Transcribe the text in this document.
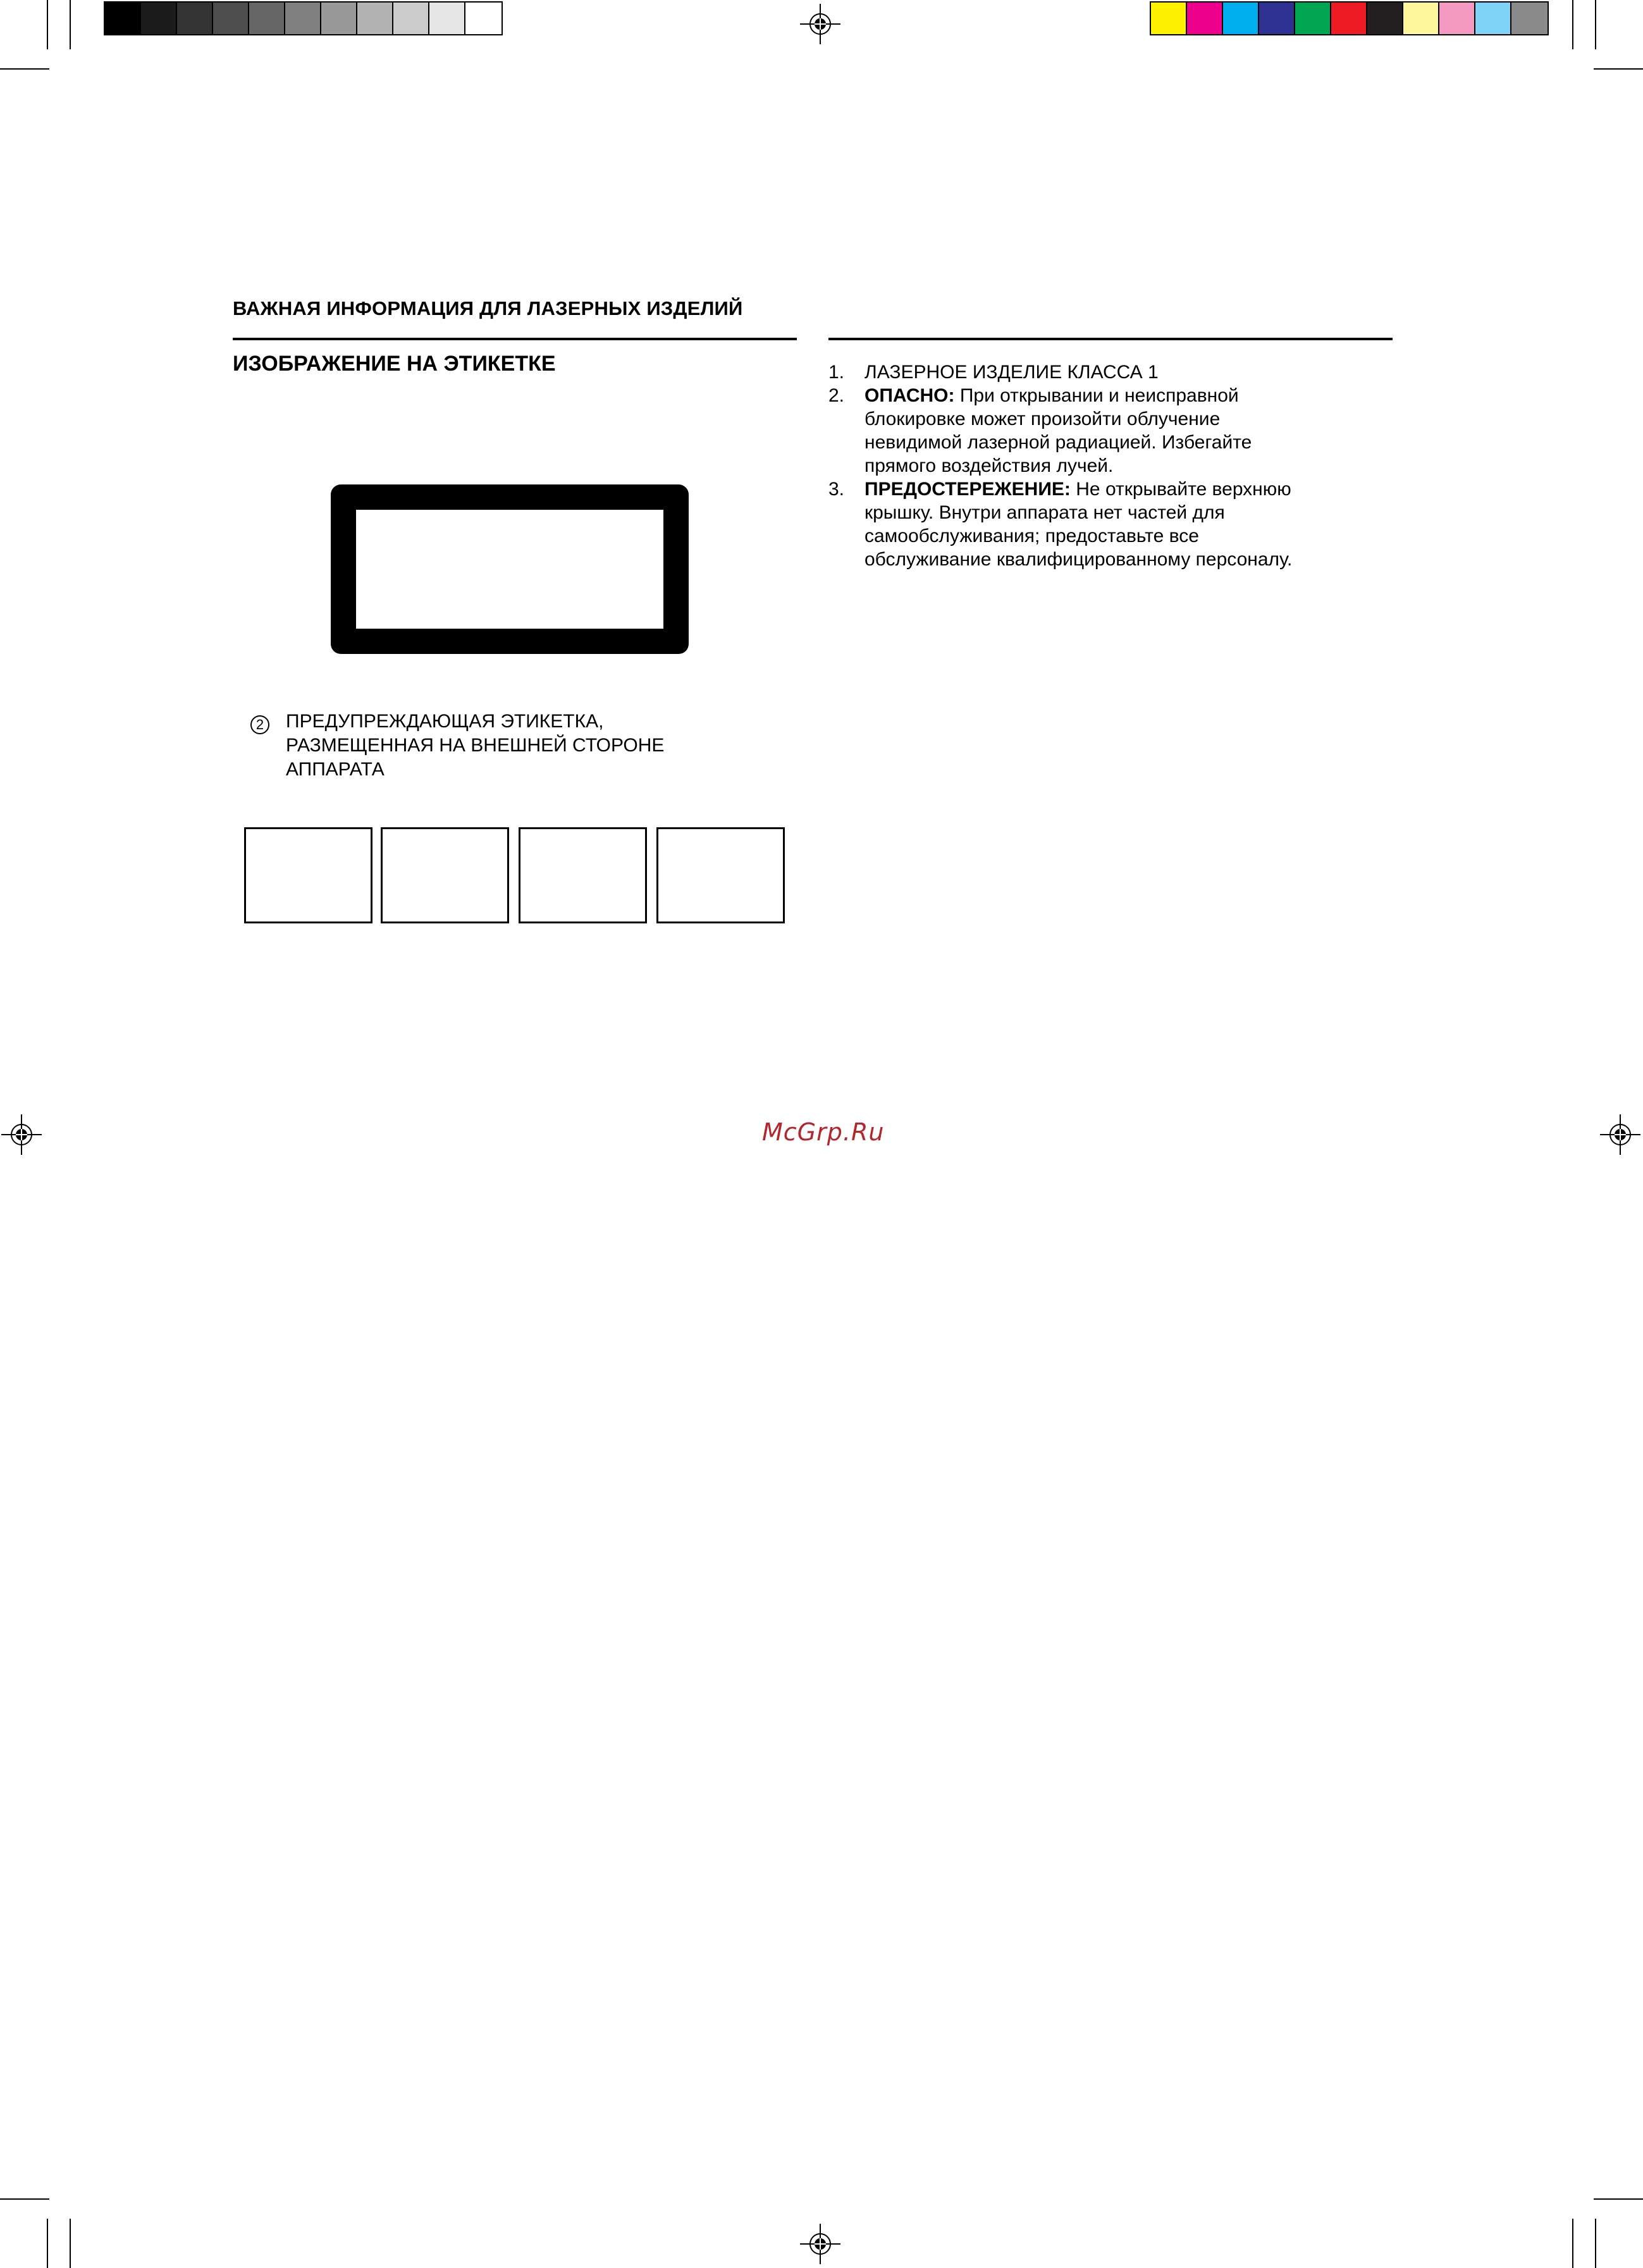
ВАЖНАЯ ИНФОРМАЦИЯ ДЛЯ ЛАЗЕРНЫХ ИЗДЕЛИЙ
ИЗОБРАЖЕНИЕ НА ЭТИКЕТКЕ
2 ПРЕДУПРЕЖДАЮЩАЯ ЭТИКЕТКА,
РАЗМЕЩЕННАЯ НА ВНЕШНЕЙ СТОРОНЕ
АППАРАТА
1.	ЛАЗЕРНОЕ ИЗДЕЛИЕ КЛАССА 1
2.	ОПАСНО: При открывании и неисправной
блокировке может произойти облучение
невидимой лазерной радиацией. Избегайте
прямого воздействия лучей.
3.	ПРЕДОСТЕРЕЖЕНИЕ: Не открывайте верхнюю
крышку. Внутри аппарата нет частей для
самообслуживания; предоставьте все
обслуживание квалифицированному персоналу.
McGrp.Ru
